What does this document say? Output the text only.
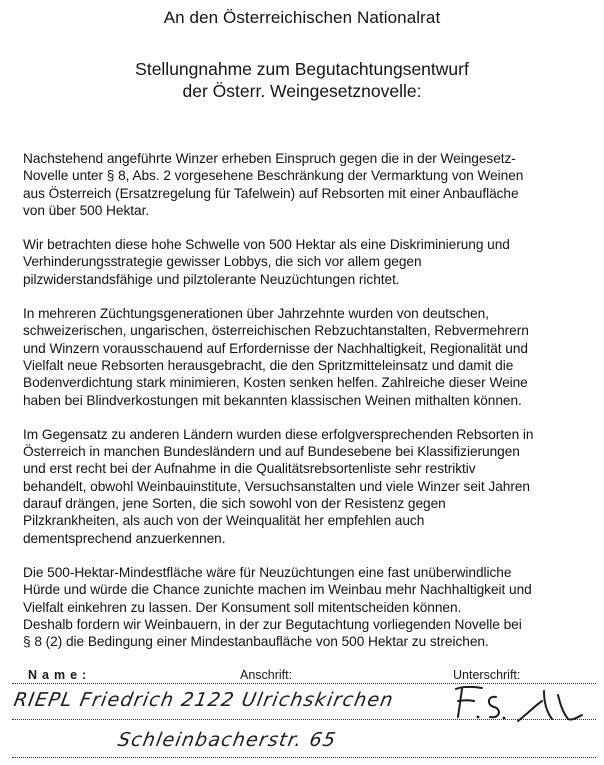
An den Österreichischen Nationalrat
Stellungnahme zum Begutachtungsentwurf
der Österr. Weingesetznovelle:

Nachstehend angeführte Winzer erheben Einspruch gegen die in der Weingesetz-
Novelle unter § 8, Abs. 2 vorgesehene Beschränkung der Vermarktung von Weinen
aus Österreich (Ersatzregelung für Tafelwein) auf Rebsorten mit einer Anbaufläche
von über 500 Hektar.

Wir betrachten diese hohe Schwelle von 500 Hektar als eine Diskriminierung und
Verhinderungsstrategie gewisser Lobbys, die sich vor allem gegen
pilzwiderstandsfähige und pilztolerante Neuzüchtungen richtet.

In mehreren Züchtungsgenerationen über Jahrzehnte wurden von deutschen,
schweizerischen, ungarischen, österreichischen Rebzuchtanstalten, Rebvermehrern
und Winzern vorausschauend auf Erfordernisse der Nachhaltigkeit, Regionalität und
Vielfalt neue Rebsorten herausgebracht, die den Spritzmitteleinsatz und damit die
Bodenverdichtung stark minimieren, Kosten senken helfen. Zahlreiche dieser Weine
haben bei Blindverkostungen mit bekannten klassischen Weinen mithalten können.

Im Gegensatz zu anderen Ländern wurden diese erfolgversprechenden Rebsorten in
Österreich in manchen Bundesländern und auf Bundesebene bei Klassifizierungen
und erst recht bei der Aufnahme in die Qualitätsrebsortenliste sehr restriktiv
behandelt, obwohl Weinbauinstitute, Versuchsanstalten und viele Winzer seit Jahren
darauf drängen, jene Sorten, die sich sowohl von der Resistenz gegen
Pilzkrankheiten, als auch von der Weinqualität her empfehlen auch
dementsprechend anzuerkennen.

Die 500-Hektar-Mindestfläche wäre für Neuzüchtungen eine fast unüberwindliche
Hürde und würde die Chance zunichte machen im Weinbau mehr Nachhaltigkeit und
Vielfalt einkehren zu lassen. Der Konsument soll mitentscheiden können.
Deshalb fordern wir Weinbauern, in der zur Begutachtung vorliegenden Novelle bei
§ 8 (2) die Bedingung einer Mindestanbaufläche von 500 Hektar zu streichen.

Name:	Anschrift:	Unterschrift:
RIEPL Friedrich 2122 Ulrichskirchen
Schleinbacherstr. 65
